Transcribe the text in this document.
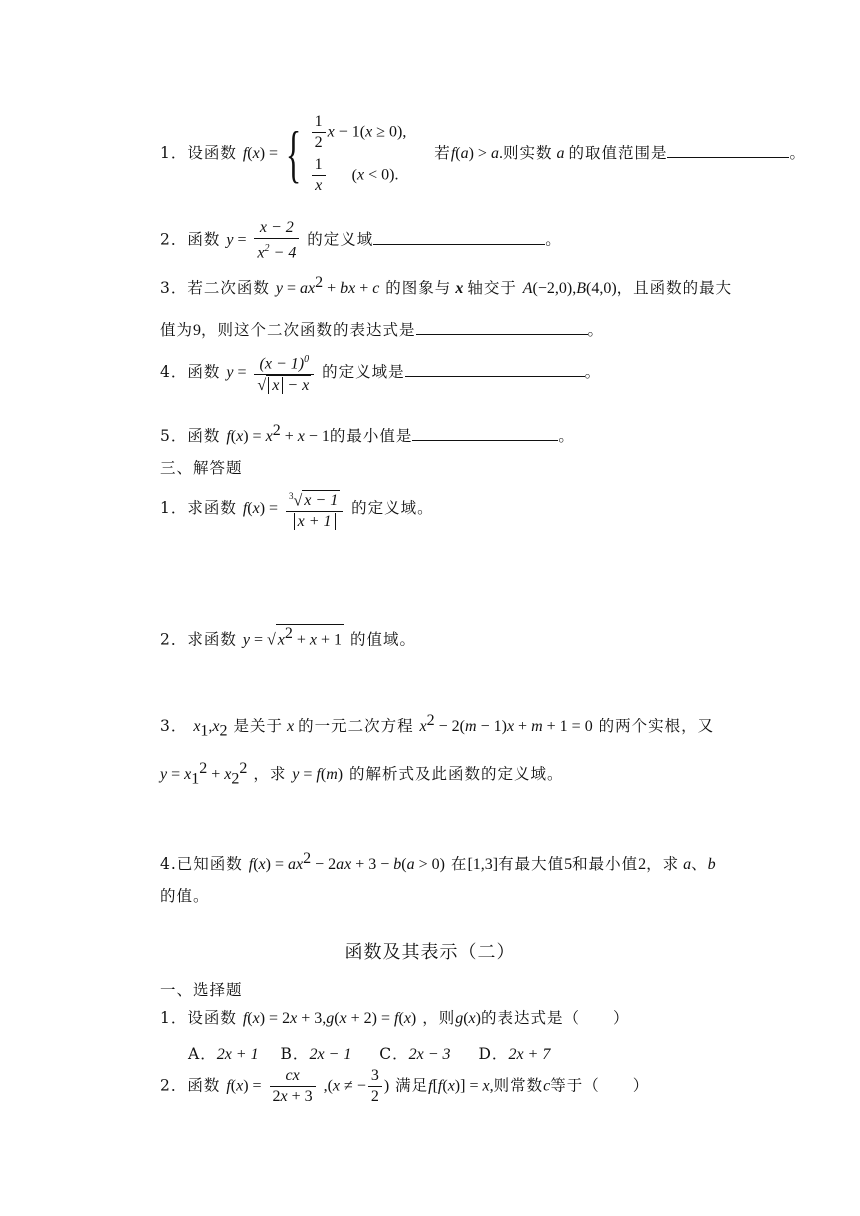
1．设函数 f(x) = { $\frac{1}{2}$ x − 1(x ≥ 0),
$\frac{1}{x} (x < 0)$.
若f(a) > a.则实数 a 的取值范围是	。
2．函数 $y = \frac{x - 2}{x^2 - 4}$ 的定义域	。
3．若二次函数 $y = ax^2$ + bx + c 的图象与 x 轴交于 A(−2,0),B(4,0)，且函数的最大
值为9，则这个二次函数的表达式是	。
4．函数 $y = \frac{(x - 1)^0}{√ x - x}$ 的定义域是	。
5．函数 $f(x) = x^2 + x - 1$的最小值是	。
三、解答题
1．求函数 $f(x) = \frac{^3√ x - 1}{x + 1}$ 的定义域。
2．求函数 y = √ $x^2 + x + 1$ 的值域。
3． $x_1,x_2$ 是关于 x 的一元二次方程 $x^2 - 2(m - 1)x + m + 1 = 0$ 的两个实根，又
$y = x_1^2 + x_2^2$ ，求 y = f(m) 的解析式及此函数的定义域。
4.已知函数 $f(x) = ax^2 - 2ax + 3 - b(a > 0)$ 在[1,3]有最大值5和最小值2，求 a、b
的值。
函数及其表示（二）
一、选择题
1．设函数 f(x) = 2x + 3,g(x + 2) = f(x) ，则g(x)的表达式是（　　）
A．2x + 1 B．2x − 1 C．2x − 3 D．2x + 7
2．函数 $f(x) = \frac{cx}{2x + 3} ,(x$ ≠ − $\frac{3}{2}$ ) 满足f[f(x)] = x,则常数c等于（　　）
